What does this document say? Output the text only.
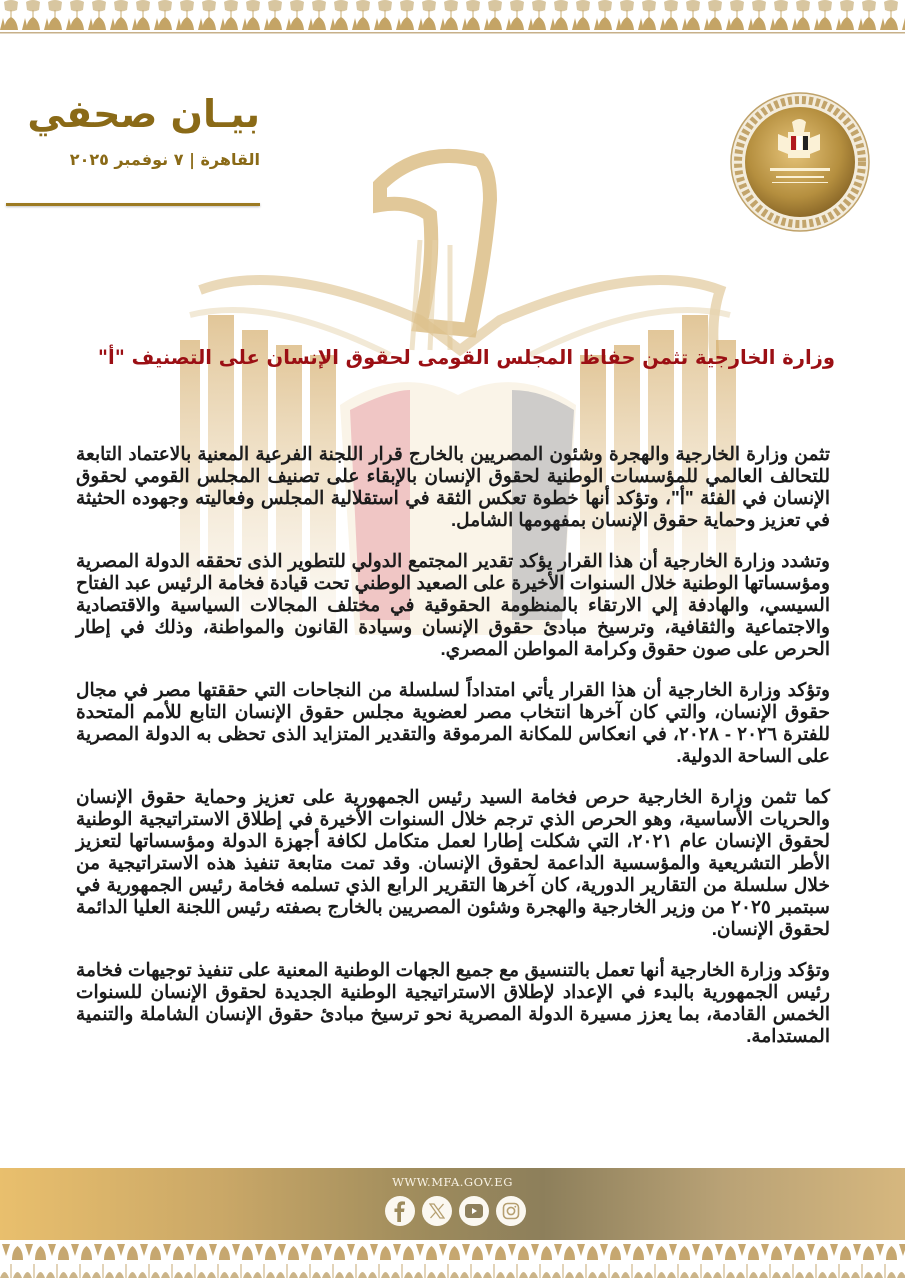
بيـان صحفي
القاهرة | ٧ نوفمبر ٢٠٢٥
وزارة الخارجية تثمن حفاظ المجلس القومى لحقوق الإنسان على التصنيف "أ"

تثمن وزارة الخارجية والهجرة وشئون المصريين بالخارج قرار اللجنة الفرعية المعنية بالاعتماد التابعة للتحالف العالمي للمؤسسات الوطنية لحقوق الإنسان بالإبقاء على تصنيف المجلس القومي لحقوق الإنسان في الفئة "أ"، وتؤكد أنها خطوة تعكس الثقة في استقلالية المجلس وفعاليته وجهوده الحثيثة في تعزيز وحماية حقوق الإنسان بمفهومها الشامل.

وتشدد وزارة الخارجية أن هذا القرار يؤكد تقدير المجتمع الدولي للتطوير الذى تحققه الدولة المصرية ومؤسساتها الوطنية خلال السنوات الأخيرة على الصعيد الوطني تحت قيادة فخامة الرئيس عبد الفتاح السيسي، والهادفة إلي الارتقاء بالمنظومة الحقوقية في مختلف المجالات السياسية والاقتصادية والاجتماعية والثقافية، وترسيخ مبادئ حقوق الإنسان وسيادة القانون والمواطنة، وذلك في إطار الحرص على صون حقوق وكرامة المواطن المصري.

وتؤكد وزارة الخارجية أن هذا القرار يأتي امتداداً لسلسلة من النجاحات التي حققتها مصر في مجال حقوق الإنسان، والتي كان آخرها انتخاب مصر لعضوية مجلس حقوق الإنسان التابع للأمم المتحدة للفترة ٢٠٢٦ - ٢٠٢٨، في انعكاس للمكانة المرموقة والتقدير المتزايد الذى تحظى به الدولة المصرية على الساحة الدولية.

كما تثمن وزارة الخارجية حرص فخامة السيد رئيس الجمهورية على تعزيز وحماية حقوق الإنسان والحريات الأساسية، وهو الحرص الذي ترجم خلال السنوات الأخيرة في إطلاق الاستراتيجية الوطنية لحقوق الإنسان عام ٢٠٢١، التي شكلت إطارا لعمل متكامل لكافة أجهزة الدولة ومؤسساتها لتعزيز الأطر التشريعية والمؤسسية الداعمة لحقوق الإنسان. وقد تمت متابعة تنفيذ هذه الاستراتيجية من خلال سلسلة من التقارير الدورية، كان آخرها التقرير الرابع الذي تسلمه فخامة رئيس الجمهورية في سبتمبر ٢٠٢٥ من وزير الخارجية والهجرة وشئون المصريين بالخارج بصفته رئيس اللجنة العليا الدائمة لحقوق الإنسان.

وتؤكد وزارة الخارجية أنها تعمل بالتنسيق مع جميع الجهات الوطنية المعنية على تنفيذ توجيهات فخامة رئيس الجمهورية بالبدء في الإعداد لإطلاق الاستراتيجية الوطنية الجديدة لحقوق الإنسان للسنوات الخمس القادمة، بما يعزز مسيرة الدولة المصرية نحو ترسيخ مبادئ حقوق الإنسان الشاملة والتنمية المستدامة.

WWW.MFA.GOV.EG
